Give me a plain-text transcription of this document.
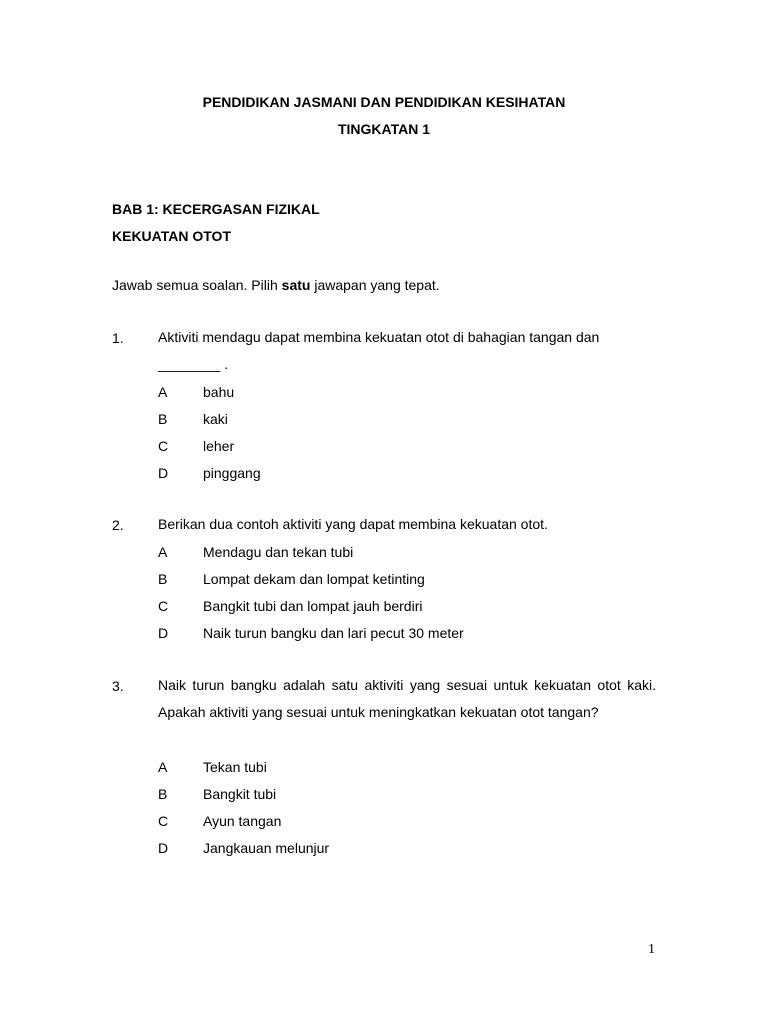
PENDIDIKAN JASMANI DAN PENDIDIKAN KESIHATAN
TINGKATAN 1
BAB 1: KECERGASAN FIZIKAL
KEKUATAN OTOT
Jawab semua soalan. Pilih satu jawapan yang tepat.
1. Aktiviti mendagu dapat membina kekuatan otot di bahagian tangan dan
________ .
A	bahu
B	kaki
C leher
D pinggang
2. Berikan dua contoh aktiviti yang dapat membina kekuatan otot.
A	Mendagu dan tekan tubi
B	Lompat dekam dan lompat ketinting
C Bangkit tubi dan lompat jauh berdiri
D Naik turun bangku dan lari pecut 30 meter
3. Naik turun bangku adalah satu aktiviti yang sesuai untuk kekuatan otot kaki. Apakah aktiviti yang sesuai untuk meningkatkan kekuatan otot tangan?
A	Tekan tubi
B	Bangkit tubi
C Ayun tangan
D Jangkauan melunjur
1
